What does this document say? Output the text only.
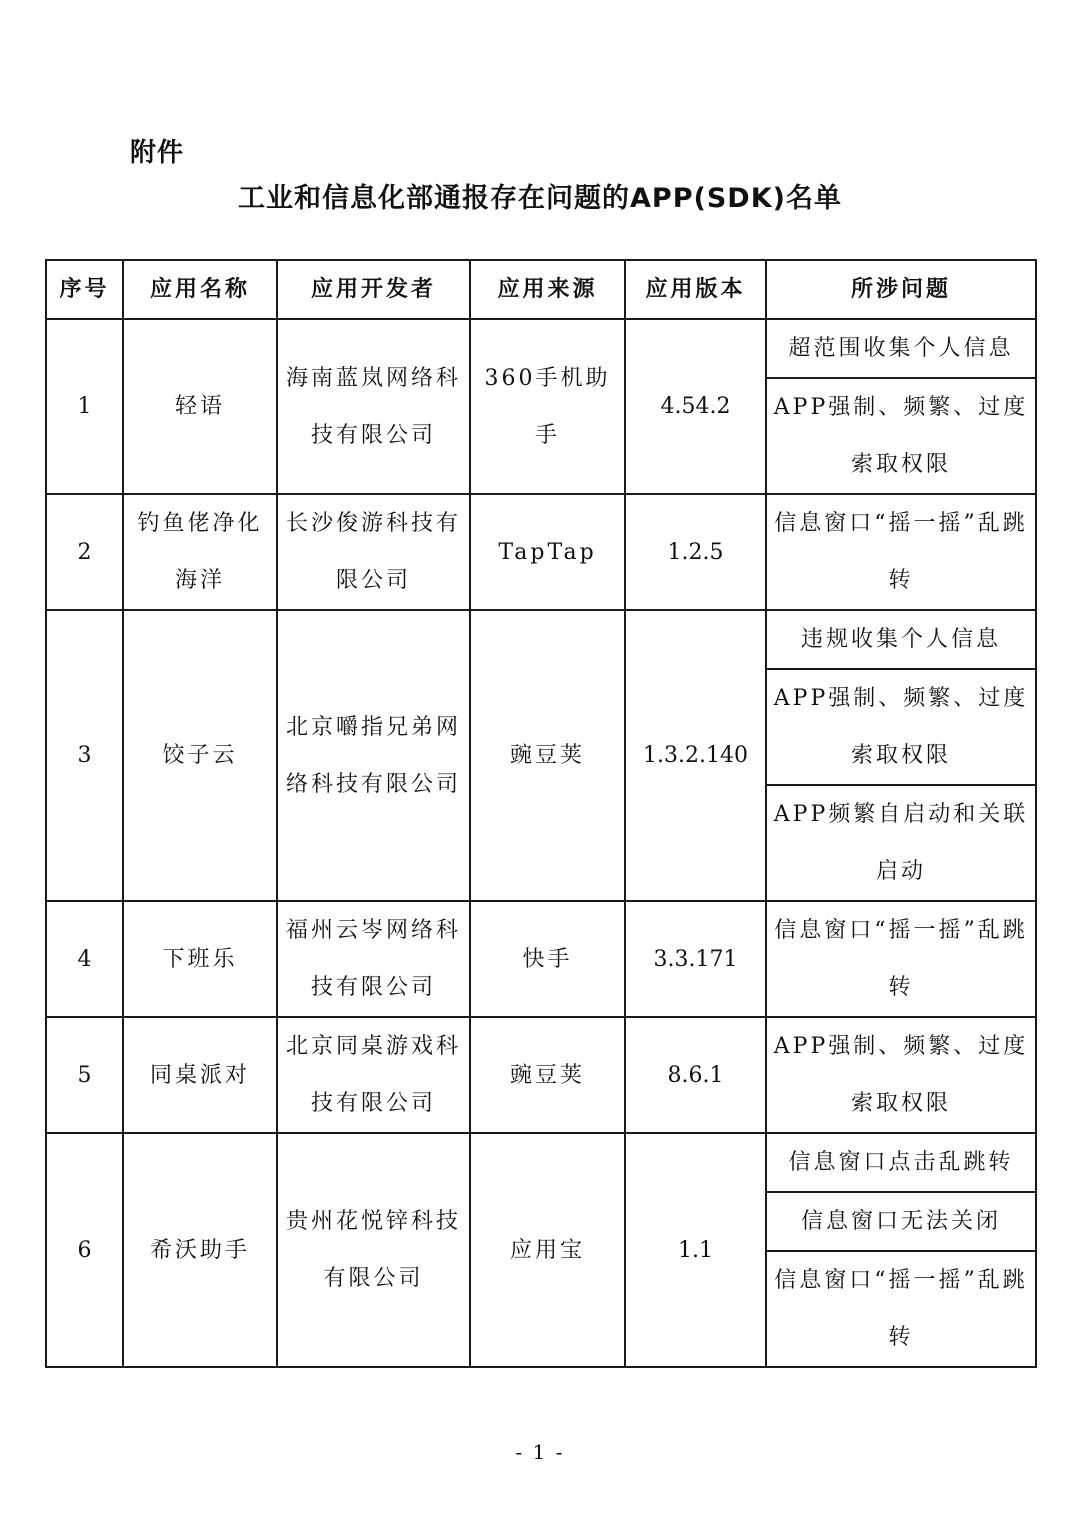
附件
工业和信息化部通报存在问题的APP(SDK)名单
序号	应用名称	应用开发者	应用来源	应用版本	所涉问题
1	轻语	海南蓝岚网络科技有限公司	360手机助手	4.54.2	超范围收集个人信息
					APP强制、频繁、过度索取权限
2	钓鱼佬净化海洋	长沙俊游科技有限公司	TapTap	1.2.5	信息窗口“摇一摇”乱跳转
3	饺子云	北京嚼指兄弟网络科技有限公司	豌豆荚	1.3.2.140	违规收集个人信息
					APP强制、频繁、过度索取权限
					APP频繁自启动和关联启动
4	下班乐	福州云岑网络科技有限公司	快手	3.3.171	信息窗口“摇一摇”乱跳转
5	同桌派对	北京同桌游戏科技有限公司	豌豆荚	8.6.1	APP强制、频繁、过度索取权限
6	希沃助手	贵州花悦锌科技有限公司	应用宝	1.1	信息窗口点击乱跳转
					信息窗口无法关闭
					信息窗口“摇一摇”乱跳转
- 1 -
